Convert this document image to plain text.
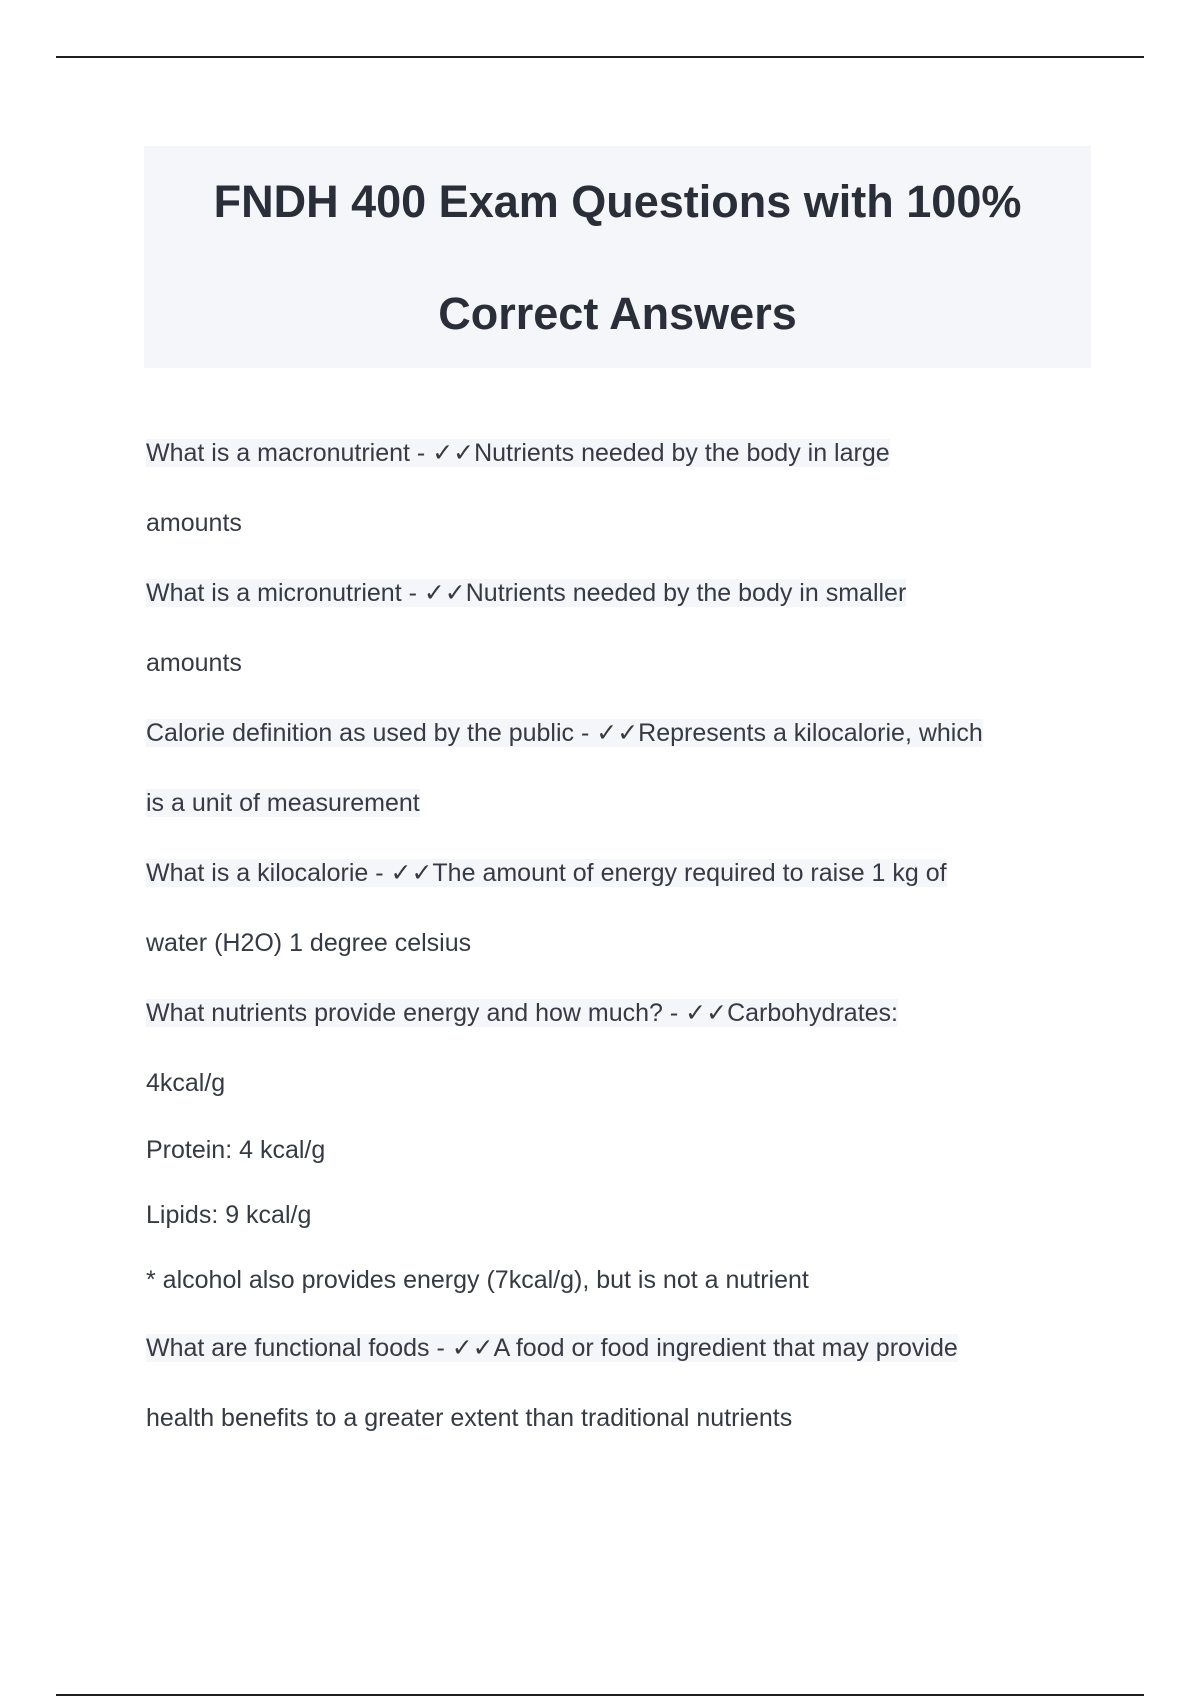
FNDH 400 Exam Questions with 100%

Correct Answers

What is a macronutrient - ✓✓Nutrients needed by the body in large
amounts

What is a micronutrient - ✓✓Nutrients needed by the body in smaller
amounts

Calorie definition as used by the public - ✓✓Represents a kilocalorie, which
is a unit of measurement

What is a kilocalorie - ✓✓The amount of energy required to raise 1 kg of
water (H2O) 1 degree celsius

What nutrients provide energy and how much? - ✓✓Carbohydrates:
4kcal/g

Protein: 4 kcal/g
Lipids: 9 kcal/g
* alcohol also provides energy (7kcal/g), but is not a nutrient

What are functional foods - ✓✓A food or food ingredient that may provide
health benefits to a greater extent than traditional nutrients
